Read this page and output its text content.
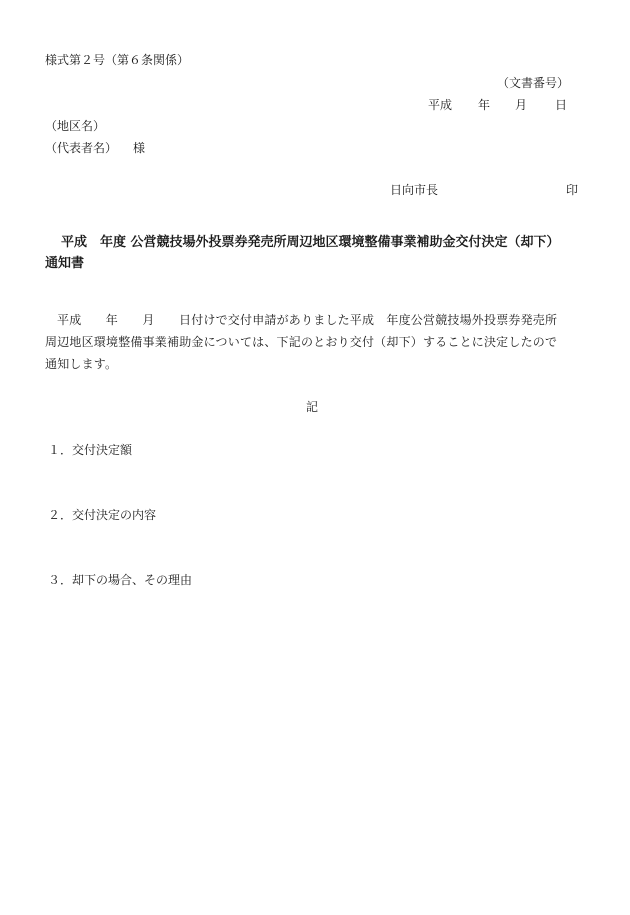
様式第２号（第６条関係）
（文書番号）
平成 年 月 日
（地区名）
（代表者名） 様
日向市長	印
平成　年度 公営競技場外投票券発売所周辺地区環境整備事業補助金交付決定（却下）
通知書
平成　　年　　月　　日付けで交付申請がありました平成　年度公営競技場外投票券発売所
周辺地区環境整備事業補助金については、下記のとおり交付（却下）することに決定したので
通知します。
記
１．交付決定額
２．交付決定の内容
３．却下の場合、その理由
